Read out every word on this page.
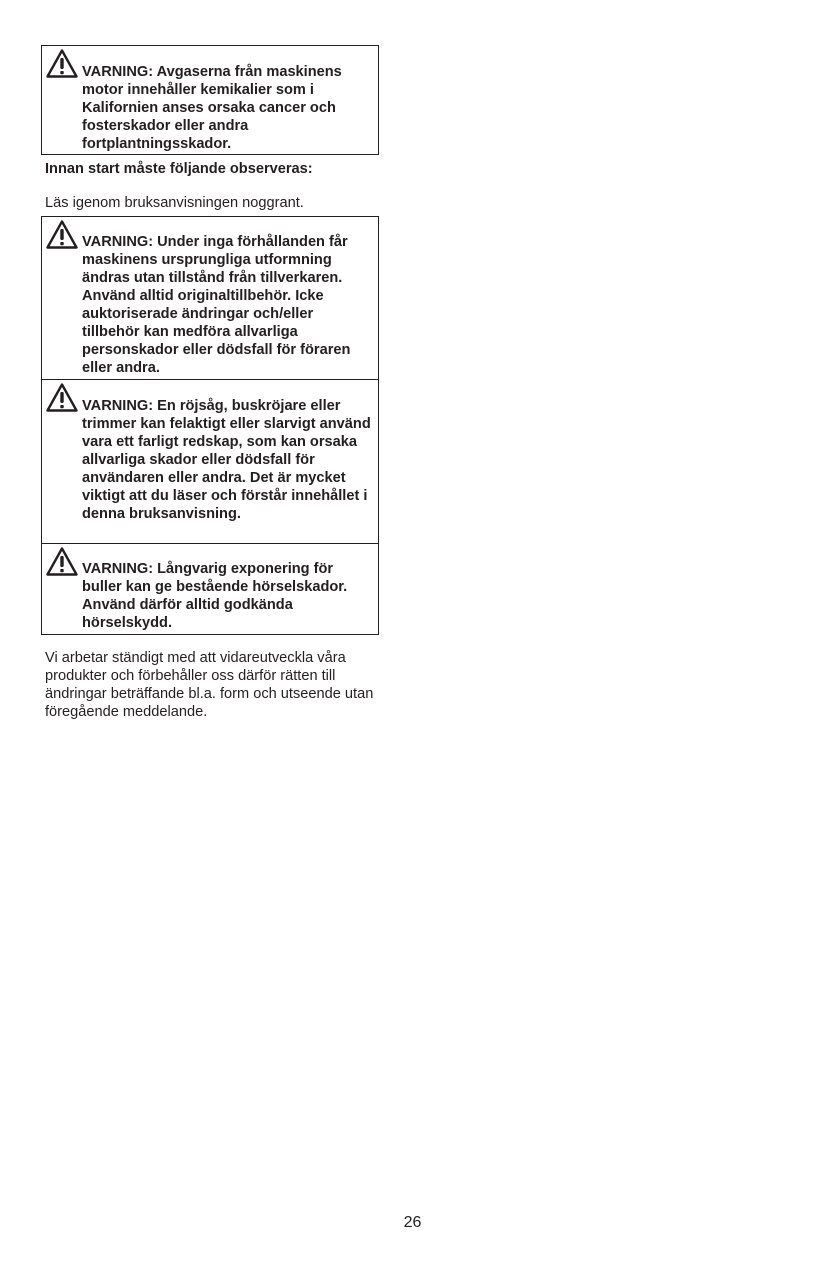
VARNING: Avgaserna från maskinens motor innehåller kemikalier som i Kalifornien anses orsaka cancer och fosterskador eller andra fortplantningsskador.

Innan start måste följande observeras:

Läs igenom bruksanvisningen noggrant.

VARNING: Under inga förhållanden får maskinens ursprungliga utformning ändras utan tillstånd från tillverkaren. Använd alltid originaltillbehör. Icke auktoriserade ändringar och/eller tillbehör kan medföra allvarliga personskador eller dödsfall för föraren eller andra.

VARNING: En röjsåg, buskröjare eller trimmer kan felaktigt eller slarvigt använd vara ett farligt redskap, som kan orsaka allvarliga skador eller dödsfall för användaren eller andra. Det är mycket viktigt att du läser och förstår innehållet i denna bruksanvisning.

VARNING: Långvarig exponering för buller kan ge bestående hörselskador. Använd därför alltid godkända hörselskydd.

Vi arbetar ständigt med att vidareutveckla våra produkter och förbehåller oss därför rätten till ändringar beträffande bl.a. form och utseende utan föregående meddelande.

26
